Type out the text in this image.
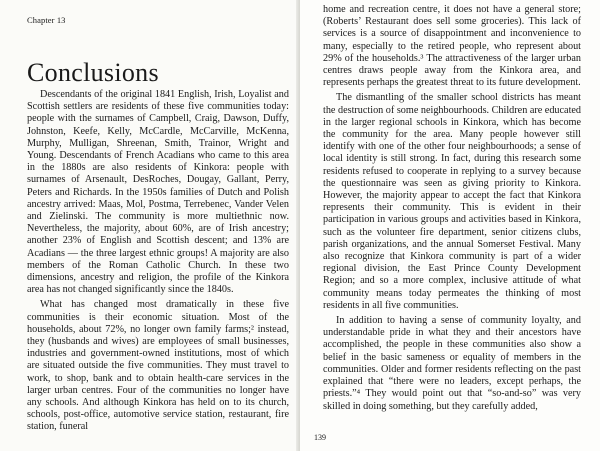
Chapter 13
Conclusions

Descendants of the original 1841 English, Irish, Loyalist and Scottish settlers are residents of these five communities today: people with the surnames of Campbell, Craig, Dawson, Duffy, Johnston, Keefe, Kelly, McCardle, McCarville, McKenna, Murphy, Mulligan, Shreenan, Smith, Trainor, Wright and Young. Descendants of French Acadians who came to this area in the 1880s are also residents of Kinkora: people with surnames of Arsenault, DesRoches, Dougay, Gallant, Perry, Peters and Richards. In the 1950s families of Dutch and Polish ancestry arrived: Maas, Mol, Postma, Terrebenec, Vander Velen and Zielinski. The community is more multiethnic now. Nevertheless, the majority, about 60%, are of Irish ancestry; another 23% of English and Scottish descent; and 13% are Acadians — the three largest ethnic groups! A majority are also members of the Roman Catholic Church. In these two dimensions, ancestry and religion, the profile of the Kinkora area has not changed significantly since the 1840s.

What has changed most dramatically in these five communities is their economic situation. Most of the households, about 72%, no longer own family farms;² instead, they (husbands and wives) are employees of small businesses, industries and government-owned institutions, most of which are situated outside the five communities. They must travel to work, to shop, bank and to obtain health-care services in the larger urban centres. Four of the communities no longer have any schools. And although Kinkora has held on to its church, schools, post-office, automotive service station, restaurant, fire station, funeral

home and recreation centre, it does not have a general store; (Roberts’ Restaurant does sell some groceries). This lack of services is a source of disappointment and inconvenience to many, especially to the retired people, who represent about 29% of the households.³ The attractiveness of the larger urban centres draws people away from the Kinkora area, and represents perhaps the greatest threat to its future development.

The dismantling of the smaller school districts has meant the destruction of some neighbourhoods. Children are educated in the larger regional schools in Kinkora, which has become the community for the area. Many people however still identify with one of the other four neighbourhoods; a sense of local identity is still strong. In fact, during this research some residents refused to cooperate in replying to a survey because the questionnaire was seen as giving priority to Kinkora. However, the majority appear to accept the fact that Kinkora represents their community. This is evident in their participation in various groups and activities based in Kinkora, such as the volunteer fire department, senior citizens clubs, parish organizations, and the annual Somerset Festival. Many also recognize that Kinkora community is part of a wider regional division, the East Prince County Development Region; and so a more complex, inclusive attitude of what community means today permeates the thinking of most residents in all five communities.

In addition to having a sense of community loyalty, and understandable pride in what they and their ancestors have accomplished, the people in these communities also show a belief in the basic sameness or equality of members in the communities. Older and former residents reflecting on the past explained that “there were no leaders, except perhaps, the priests.”⁴ They would point out that “so-and-so” was very skilled in doing something, but they carefully added,

139
